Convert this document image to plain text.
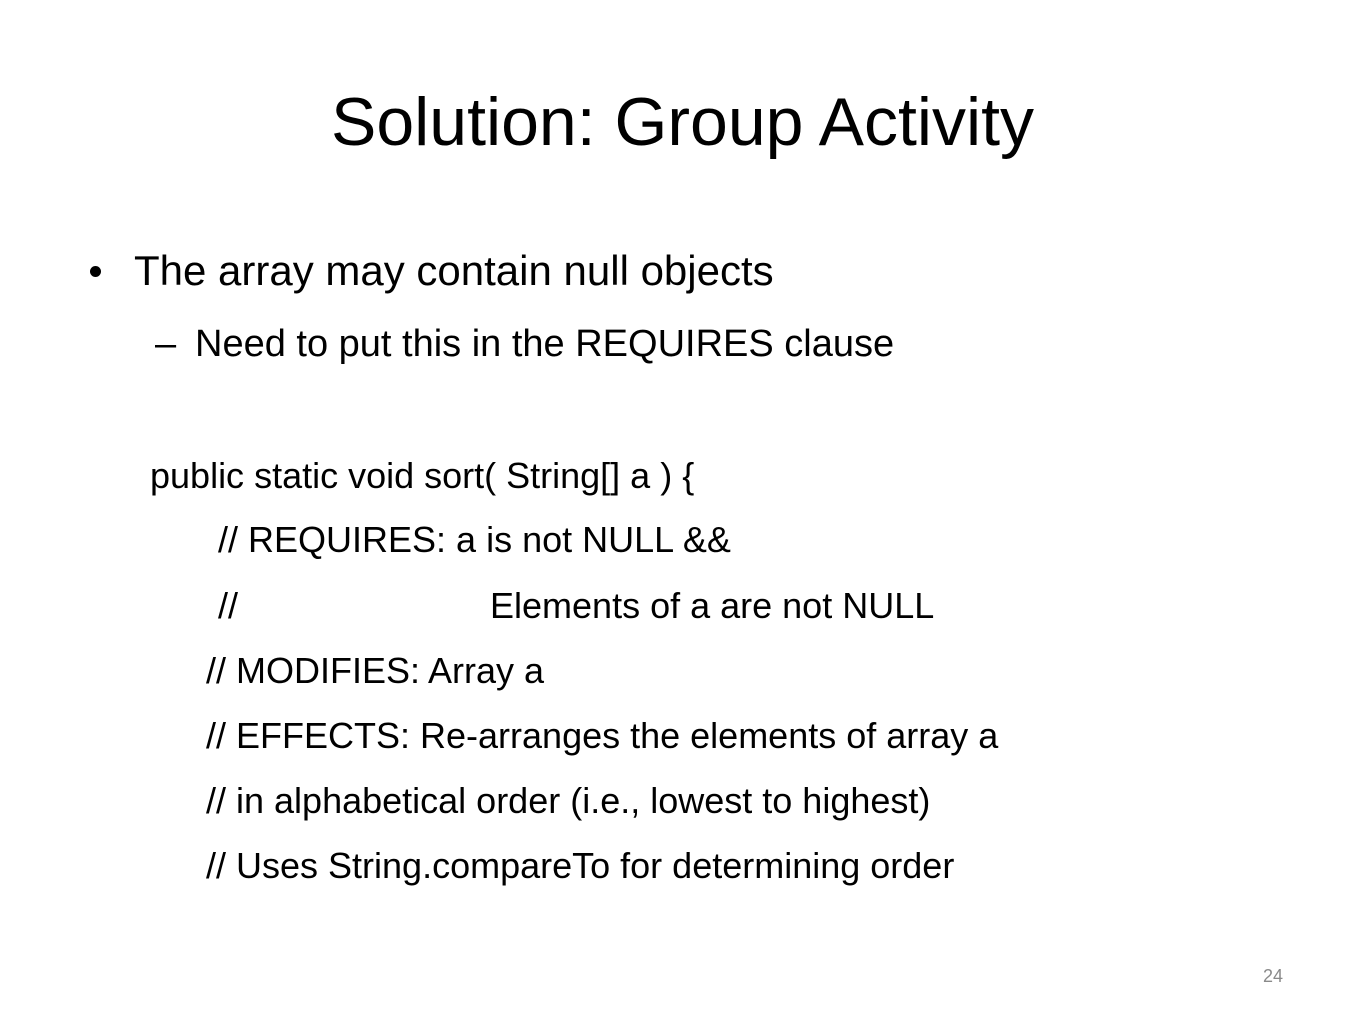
Solution: Group Activity
The array may contain null objects
– Need to put this in the REQUIRES clause
public static void sort( String[] a ) {
// REQUIRES: a is not NULL &&
//	Elements of a are not NULL
// MODIFIES: Array a
// EFFECTS: Re-arranges the elements of array a
// in alphabetical order (i.e., lowest to highest)
// Uses String.compareTo for determining order
24
